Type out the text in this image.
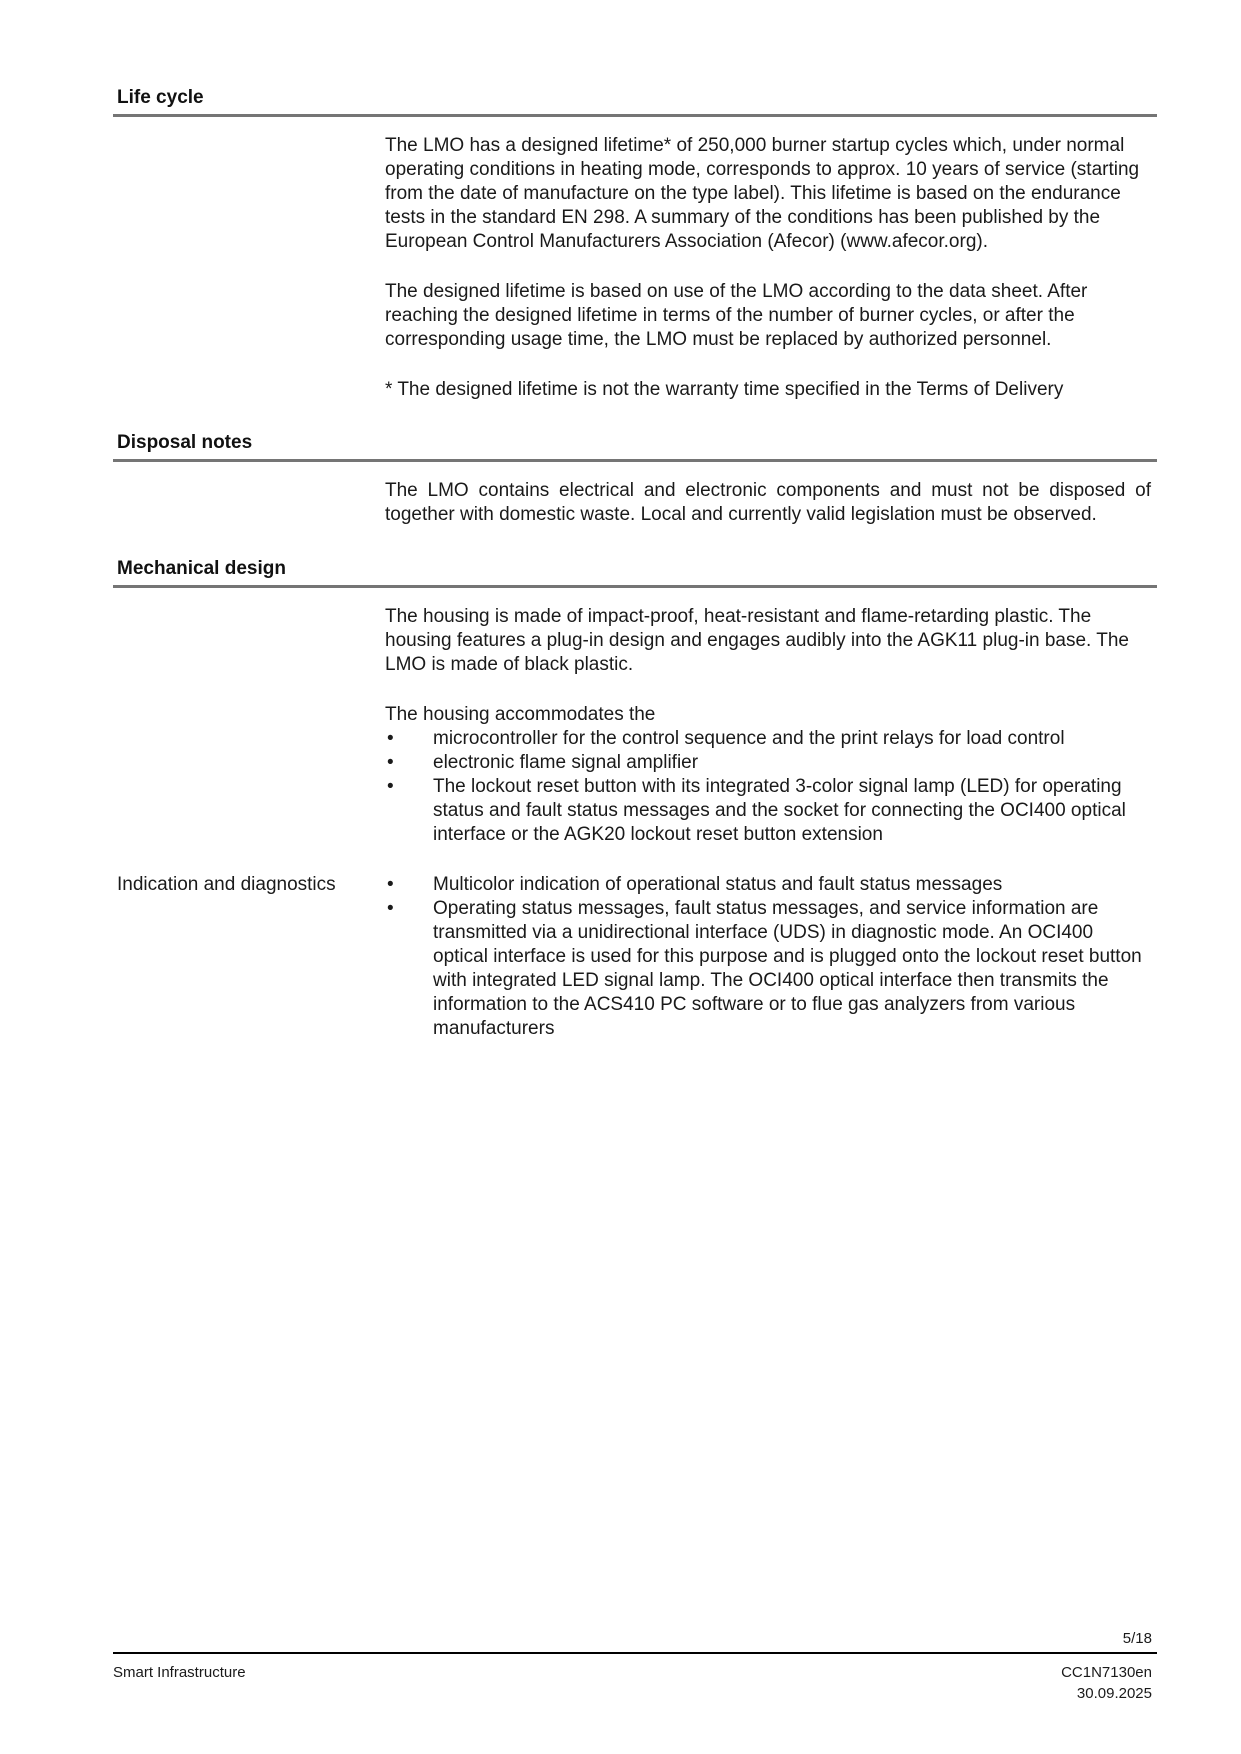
Life cycle

The LMO has a designed lifetime* of 250,000 burner startup cycles which, under normal operating conditions in heating mode, corresponds to approx. 10 years of service (starting from the date of manufacture on the type label). This lifetime is based on the endurance tests in the standard EN 298. A summary of the conditions has been published by the European Control Manufacturers Association (Afecor) (www.afecor.org).

The designed lifetime is based on use of the LMO according to the data sheet. After reaching the designed lifetime in terms of the number of burner cycles, or after the corresponding usage time, the LMO must be replaced by authorized personnel.

* The designed lifetime is not the warranty time specified in the Terms of Delivery

Disposal notes

The LMO contains electrical and electronic components and must not be disposed of together with domestic waste. Local and currently valid legislation must be observed.

Mechanical design

The housing is made of impact-proof, heat-resistant and flame-retarding plastic. The housing features a plug-in design and engages audibly into the AGK11 plug-in base. The LMO is made of black plastic.

The housing accommodates the

• microcontroller for the control sequence and the print relays for load control
• electronic flame signal amplifier
• The lockout reset button with its integrated 3-color signal lamp (LED) for operating status and fault status messages and the socket for connecting the OCI400 optical interface or the AGK20 lockout reset button extension
Indication and diagnostics	• Multicolor indication of operational status and fault status messages
• Operating status messages, fault status messages, and service information are transmitted via a unidirectional interface (UDS) in diagnostic mode. An OCI400 optical interface is used for this purpose and is plugged onto the lockout reset button with integrated LED signal lamp. The OCI400 optical interface then transmits the information to the ACS410 PC software or to flue gas analyzers from various manufacturers
5/18
Smart Infrastructure	CC1N7130en
30.09.2025
